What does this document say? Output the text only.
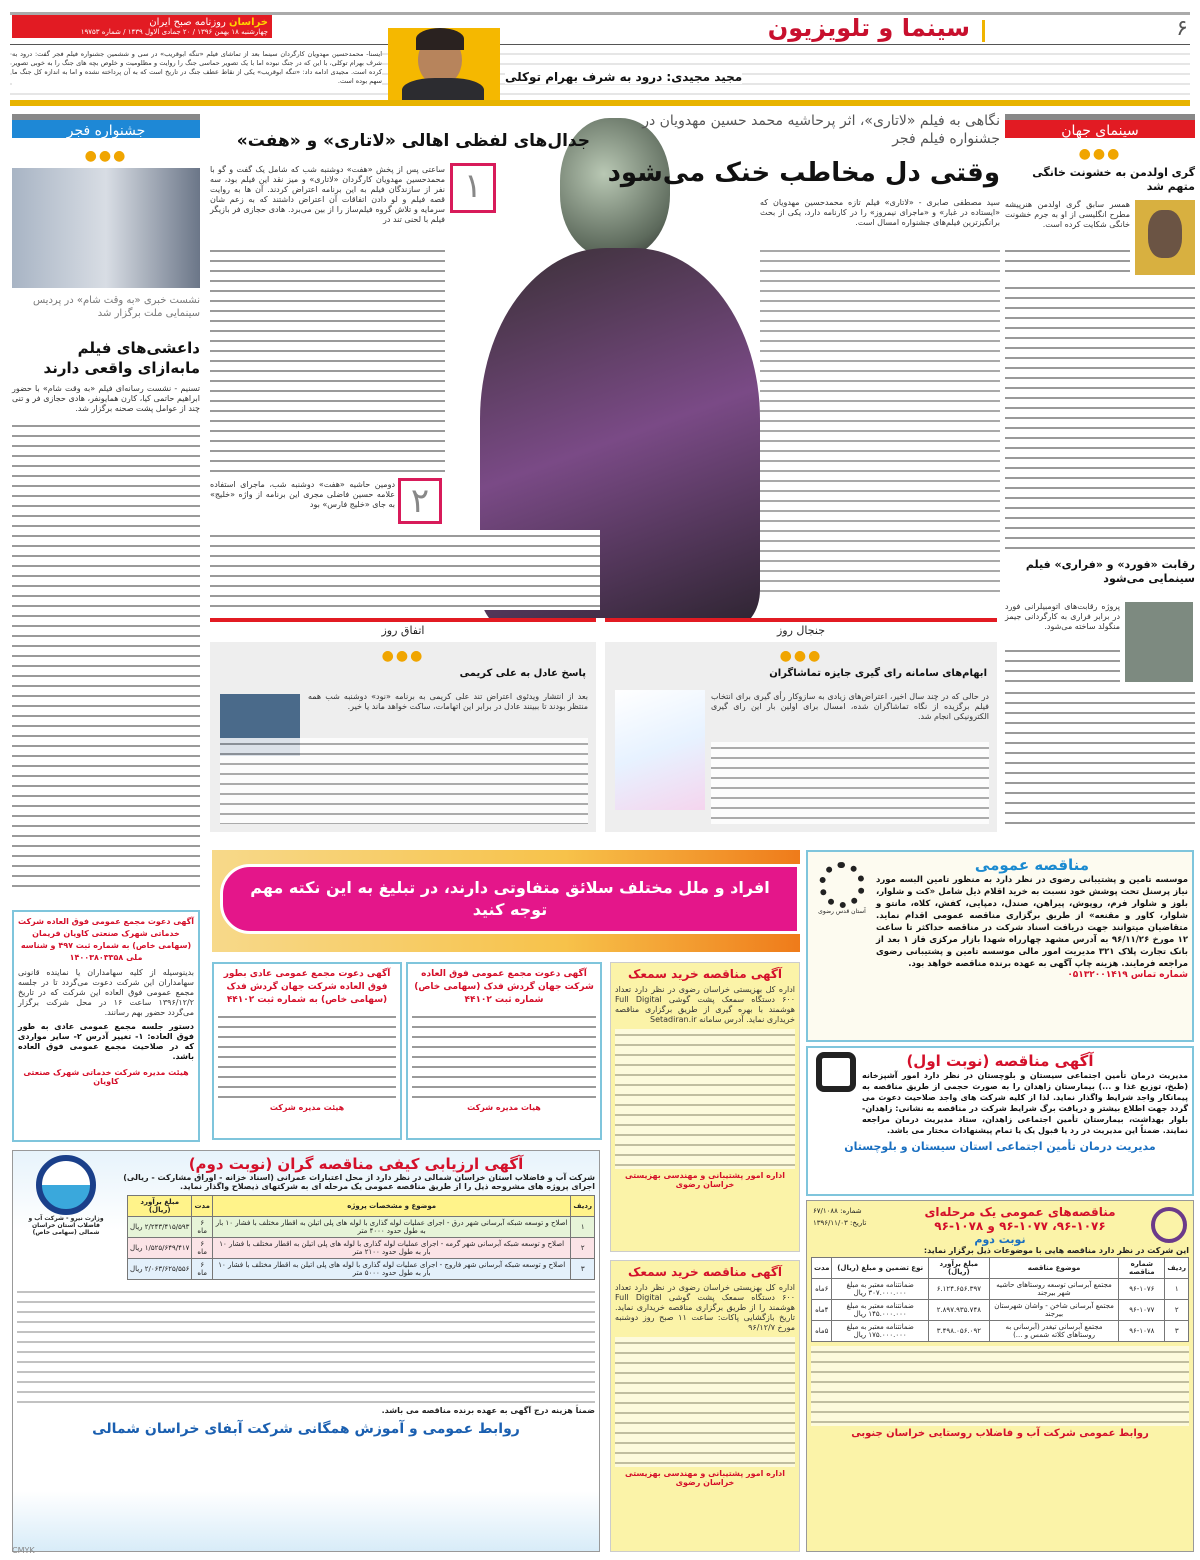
۶
سینما و تلویزیون
خراسان روزنامه صبح ایران
چهارشنبه ۱۸ بهمن ۱۳۹۶ / ۲۰ جمادی الاول ۱۴۳۹ / شماره ۱۹۷۵۳
مجید مجیدی: درود به شرف بهرام توکلی
ایسنا- محمدحسین مهدویان کارگردان سینما بعد از تماشای فیلم «تنگه ابوقریب» در سی و ششمین جشنواره فیلم فجر گفت: درود به شرف بهرام توکلی، با این که در جنگ نبوده اما با یک تصویر حماسی جنگ را روایت و مظلومیت و خلوص بچه های جنگ را به خوبی تصویر کرده است. مجیدی ادامه داد: «تنگه ابوقریب» یکی از نقاط عطف جنگ در تاریخ است که به آن پرداخته نشده و اما به اندازه کل جنگ ما سهم بوده است.
سینمای جهان
●●●
گری اولدمن به خشونت خانگی متهم شد
همسر سابق گری اولدمن هنرپیشه مطرح انگلیسی از او به جرم خشونت خانگی شکایت کرده است.
رقابت «فورد» و «فراری» فیلم سینمایی می‌شود
پروژه رقابت‌های اتومبیلرانی فورد در برابر فراری به کارگردانی جیمز منگولد ساخته می‌شود.
نگاهی به فیلم «لاتاری»، اثر پرحاشیه محمد حسین مهدویان در جشنواره فیلم فجر
وقتی دل مخاطب خنک می‌شود
سید مصطفی صابری - «لاتاری» فیلم تازه محمدحسین مهدویان که «ایستاده در غبار» و «ماجرای نیمروز» را در کارنامه دارد، یکی از بحث برانگیزترین فیلم‌های جشنواره امسال است.
جدال‌های لفظی اهالی «لاتاری» و «هفت»
۱
ساعتی پس از پخش «هفت» دوشنبه شب که شامل یک گفت و گو با محمدحسین مهدویان کارگردان «لاتاری» و میز نقد این فیلم بود، سه نفر از سازندگان فیلم به این برنامه اعتراض کردند. آن ها به روایت قصه فیلم و لو دادن اتفاقات آن اعتراض داشتند که به زعم شان سرمایه و تلاش گروه فیلم‌ساز را از بین می‌برد. هادی حجازی فر بازیگر فیلم با لحنی تند در
۲
دومین حاشیه «هفت» دوشنبه شب، ماجرای استفاده علامه حسین فاضلی مجری این برنامه از واژه «خلیج» به جای «خلیج فارس» بود
جشنواره فجر
●●●
نشست خبری «به وقت شام» در پردیس سینمایی ملت برگزار شد
داعشی‌های فیلم مابه‌ازای واقعی دارند
تسنیم - نشست رسانه‌ای فیلم «به وقت شام» با حضور ابراهیم حاتمی کیا، کارن همایونفر، هادی حجازی فر و تنی چند از عوامل پشت صحنه برگزار شد.
اتفاق روز	جنجال روز
●●●
پاسخ عادل به علی کریمی
بعد از انتشار ویدئوی اعتراض تند علی کریمی به برنامه «نود» دوشنبه شب همه منتظر بودند تا ببینند عادل در برابر این اتهامات، ساکت خواهد ماند یا خیر.
●●●
ابهام‌های سامانه رای گیری جایزه تماشاگران
در حالی که در چند سال اخیر، اعتراض‌های زیادی به سازوکار رأی گیری برای انتخاب فیلم برگزیده از نگاه تماشاگران شده، امسال برای اولین بار این رای گیری الکترونیکی انجام شد.
افراد و ملل مختلف سلائق متفاوتی دارند، در تبلیغ به این نکته مهم توجه کنید
آگهی دعوت مجمع عمومی فوق العاده شرکت خدماتی شهرک صنعتی کاویان فریمان (سهامی خاص) به شماره ثبت ۴۹۷ و شناسه ملی ۱۴۰۰۳۸۰۳۳۵۸
بدینوسیله از کلیه سهامداران یا نماینده قانونی سهامداران این شرکت دعوت می‌گردد تا در جلسه مجمع عمومی فوق العاده این شرکت که در تاریخ ۱۳۹۶/۱۲/۲ ساعت ۱۶ در محل شرکت برگزار می‌گردد حضور بهم رسانند.
دستور جلسه مجمع عمومی عادی به طور فوق العاده: ۱- تغییر آدرس ۲- سایر مواردی که در صلاحیت مجمع عمومی فوق العاده باشد.
هیئت مدیره شرکت خدماتی شهرک صنعتی کاویان
آگهی دعوت مجمع عمومی عادی بطور فوق العاده شرکت جهان گردش فدک (سهامی خاص) به شماره ثبت ۴۴۱۰۲
هیئت مدیره شرکت
آگهی دعوت مجمع عمومی فوق العاده شرکت جهان گردش فدک (سهامی خاص) شماره ثبت ۴۴۱۰۲
هیات مدیره شرکت
آگهی مناقصه خرید سمعک
اداره کل بهزیستی خراسان رضوی در نظر دارد تعداد ۶۰۰ دستگاه سمعک پشت گوشی Full Digital هوشمند با بهره گیری از طریق برگزاری مناقصه خریداری نماید. آدرس سامانه Setadiran.ir
اداره امور پشتیبانی و مهندسی بهزیستی خراسان رضوی
آگهی مناقصه خرید سمعک
اداره کل بهزیستی خراسان رضوی در نظر دارد تعداد ۶۰۰ دستگاه سمعک پشت گوشی Full Digital هوشمند را از طریق برگزاری مناقصه خریداری نماید. تاریخ بازگشایی پاکات: ساعت ۱۱ صبح روز دوشنبه مورخ ۹۶/۱۲/۷
اداره امور پشتیبانی و مهندسی بهزیستی خراسان رضوی
آستان قدس رضوی
مناقصه عمومی
موسسه تامین و پشتیبانی رضوی در نظر دارد به منظور تامین البسه مورد نیاز پرسنل تحت پوشش خود نسبت به خرید اقلام ذیل شامل «کت و شلوار، بلوز و شلوار فرم، روپوش، پیراهن، صندل، دمپایی، کفش، کلاه، مانتو و شلوار، کاور و مقنعه» از طریق برگزاری مناقصه عمومی اقدام نماید. متقاضیان میتوانند جهت دریافت اسناد شرکت در مناقصه حداکثر تا ساعت ۱۲ مورخ ۹۶/۱۱/۲۶ به آدرس مشهد چهارراه شهدا بازار مرکزی فاز ۱ بعد از بانک تجارت پلاک ۳۲۱ مدیریت امور مالی موسسه تامین و پشتیبانی رضوی مراجعه فرمایند. هزینه چاپ آگهی به عهده برنده مناقصه خواهد بود.
شماره تماس ۰۵۱۳۲۰۰۱۴۱۹
آگهی مناقصه (نوبت اول)
مدیریت درمان تأمین اجتماعی سیستان و بلوچستان در نظر دارد امور آشپزخانه (طبخ، توزیع غذا و ...) بیمارستان زاهدان را به صورت حجمی از طریق مناقصه به پیمانکار واجد شرایط واگذار نماید. لذا از کلیه شرکت های واجد صلاحیت دعوت می گردد جهت اطلاع بیشتر و دریافت برگ شرایط شرکت در مناقصه به نشانی: زاهدان- بلوار بهداشت، بیمارستان تأمین اجتماعی زاهدان، ستاد مدیریت درمان مراجعه نمایند. ضمناً این مدیریت در رد یا قبول یک یا تمام پیشنهادات مختار می باشد.
مدیریت درمان تأمین اجتماعی استان سیستان و بلوچستان
شماره: ۶۷/۱۰۸۸
تاریخ: ۱۳۹۶/۱۱/۰۳
مناقصه‌های عمومی یک مرحله‌ای ۱۰۷۶-۹۶، ۱۰۷۷-۹۶ و ۱۰۷۸-۹۶
نوبت دوم
این شرکت در نظر دارد مناقصه هایی با موضوعات ذیل برگزار نماید:
ردیف	شماره مناقصه	موضوع مناقصه	مبلغ برآورد (ریال)	نوع تضمین و مبلغ (ریال)	مدت
۱	۹۶-۱۰۷۶	مجتمع آبرسانی توسعه روستاهای حاشیه شهر بیرجند	۶.۱۲۴.۶۵۶.۳۹۷	ضمانتنامه معتبر به مبلغ ۳۰۷.۰۰۰.۰۰۰ ریال	۶ماه
۲	۹۶-۱۰۷۷	مجتمع آبرسانی شاخن - واشان شهرستان بیرجند	۲.۸۹۷.۹۳۵.۷۴۸	ضمانتنامه معتبر به مبلغ ۱۴۵.۰۰۰.۰۰۰ ریال	۴ماه
۳	۹۶-۱۰۷۸	مجتمع آبرسانی تیغدر (آبرسانی به روستاهای کلاته شمس و ...)	۳.۴۹۸.۰۵۶.۰۹۲	ضمانتنامه معتبر به مبلغ ۱۷۵.۰۰۰.۰۰۰ ریال	۵ماه
روابط عمومی شرکت آب و فاضلاب روستایی خراسان جنوبی
وزارت نیرو - شرکت آب و فاضلاب استان خراسان شمالی (سهامی خاص)
آگهی ارزیابی کیفی مناقصه گران (نوبت دوم)
شرکت آب و فاضلاب استان خراسان شمالی در نظر دارد از محل اعتبارات عمرانی (اسناد خزانه - اوراق مشارکت - ریالی) اجرای پروژه های مشروحه ذیل را از طریق مناقصه عمومی یک مرحله ای به شرکتهای ذیصلاح واگذار نماید.
ردیف	موضوع و مشخصات پروژه	مدت	مبلغ برآورد (ریال)
۱	اصلاح و توسعه شبکه آبرسانی شهر درق - اجرای عملیات لوله گذاری با لوله های پلی اتیلن به اقطار مختلف با فشار ۱۰ بار به طول حدود ۴۰۰۰ متر	۶ ماه	۲/۲۴۳/۴۱۵/۵۹۳ ریال
۲	اصلاح و توسعه شبکه آبرسانی شهر گرمه - اجرای عملیات لوله گذاری با لوله های پلی اتیلن به اقطار مختلف با فشار ۱۰ بار به طول حدود ۲۱۰۰ متر	۶ ماه	۱/۵۲۵/۶۴۹/۴۱۷ ریال
۳	اصلاح و توسعه شبکه آبرسانی شهر فاروج - اجرای عملیات لوله گذاری با لوله های پلی اتیلن به اقطار مختلف با فشار ۱۰ بار به طول حدود ۵۰۰۰ متر	۶ ماه	۲/۰۶۳/۶۲۵/۵۵۶ ریال
ضمناً هزینه درج آگهی به عهده برنده مناقصه می باشد.
روابط عمومی و آموزش همگانی شرکت آبفای خراسان شمالی
CMYK
